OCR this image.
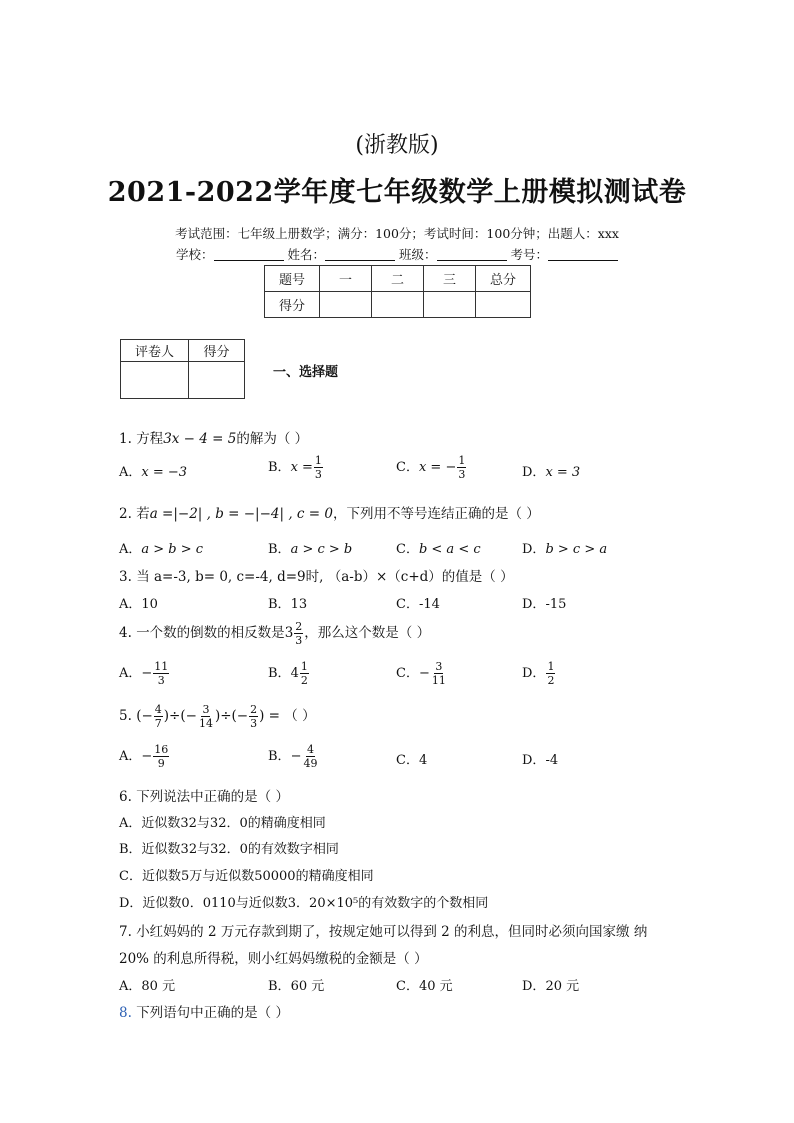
(浙教版)
2021-2022学年度七年级数学上册模拟测试卷
考试范围：七年级上册数学；满分：100分；考试时间：100分钟；出题人：xxx
学校：	姓名：	班级：	考号：
题号	一	二	三	总分
得分				
评卷人	得分

一、选择题
1. 方程3x − 4 = 5的解为（ ）
A．x = −3	B．$x = \frac{1}{3}$	C．x = − $\frac{1}{3}$	D．x = 3
2. 若a =|−2| , b = −|−4| , c = 0，下列用不等号连结正确的是（ ）
A．a > b > c	B．a > c > b	C．b < a < c	D．b > c > a
3. 当 a=-3, b= 0, c=-4, d=9时, （a-b）×（c+d）的值是（ ）
A．10	B．13	C．-14	D．-15
4. 一个数的倒数的相反数是$3 \frac{2}{3}$ ，那么这个数是（ ）
A．− $\frac{11}{3}$	B．$4 \frac{1}{2}$	C．− $\frac{3}{11}$	D． $\frac{1}{2}$
5. (− $\frac{4}{7}$ )÷(− $\frac{3}{14}$ )÷(− $\frac{2}{3}$ ) = （ ）
A．− $\frac{16}{9}$	B．− $\frac{4}{49}$	C．4	D．-4
6. 下列说法中正确的是（ ）
A．近似数32与32．0的精确度相同
B．近似数32与32．0的有效数字相同
C．近似数5万与近似数50000的精确度相同
D．近似数0．0110与近似数3．20×10⁵的有效数字的个数相同
7. 小红妈妈的 2 万元存款到期了，按规定她可以得到 2 的利息，但同时必须向国家缴 纳
20% 的利息所得税，则小红妈妈缴税的金额是（ ）
A．80 元	B．60 元	C．40 元	D．20 元
8. 下列语句中正确的是（ ）
